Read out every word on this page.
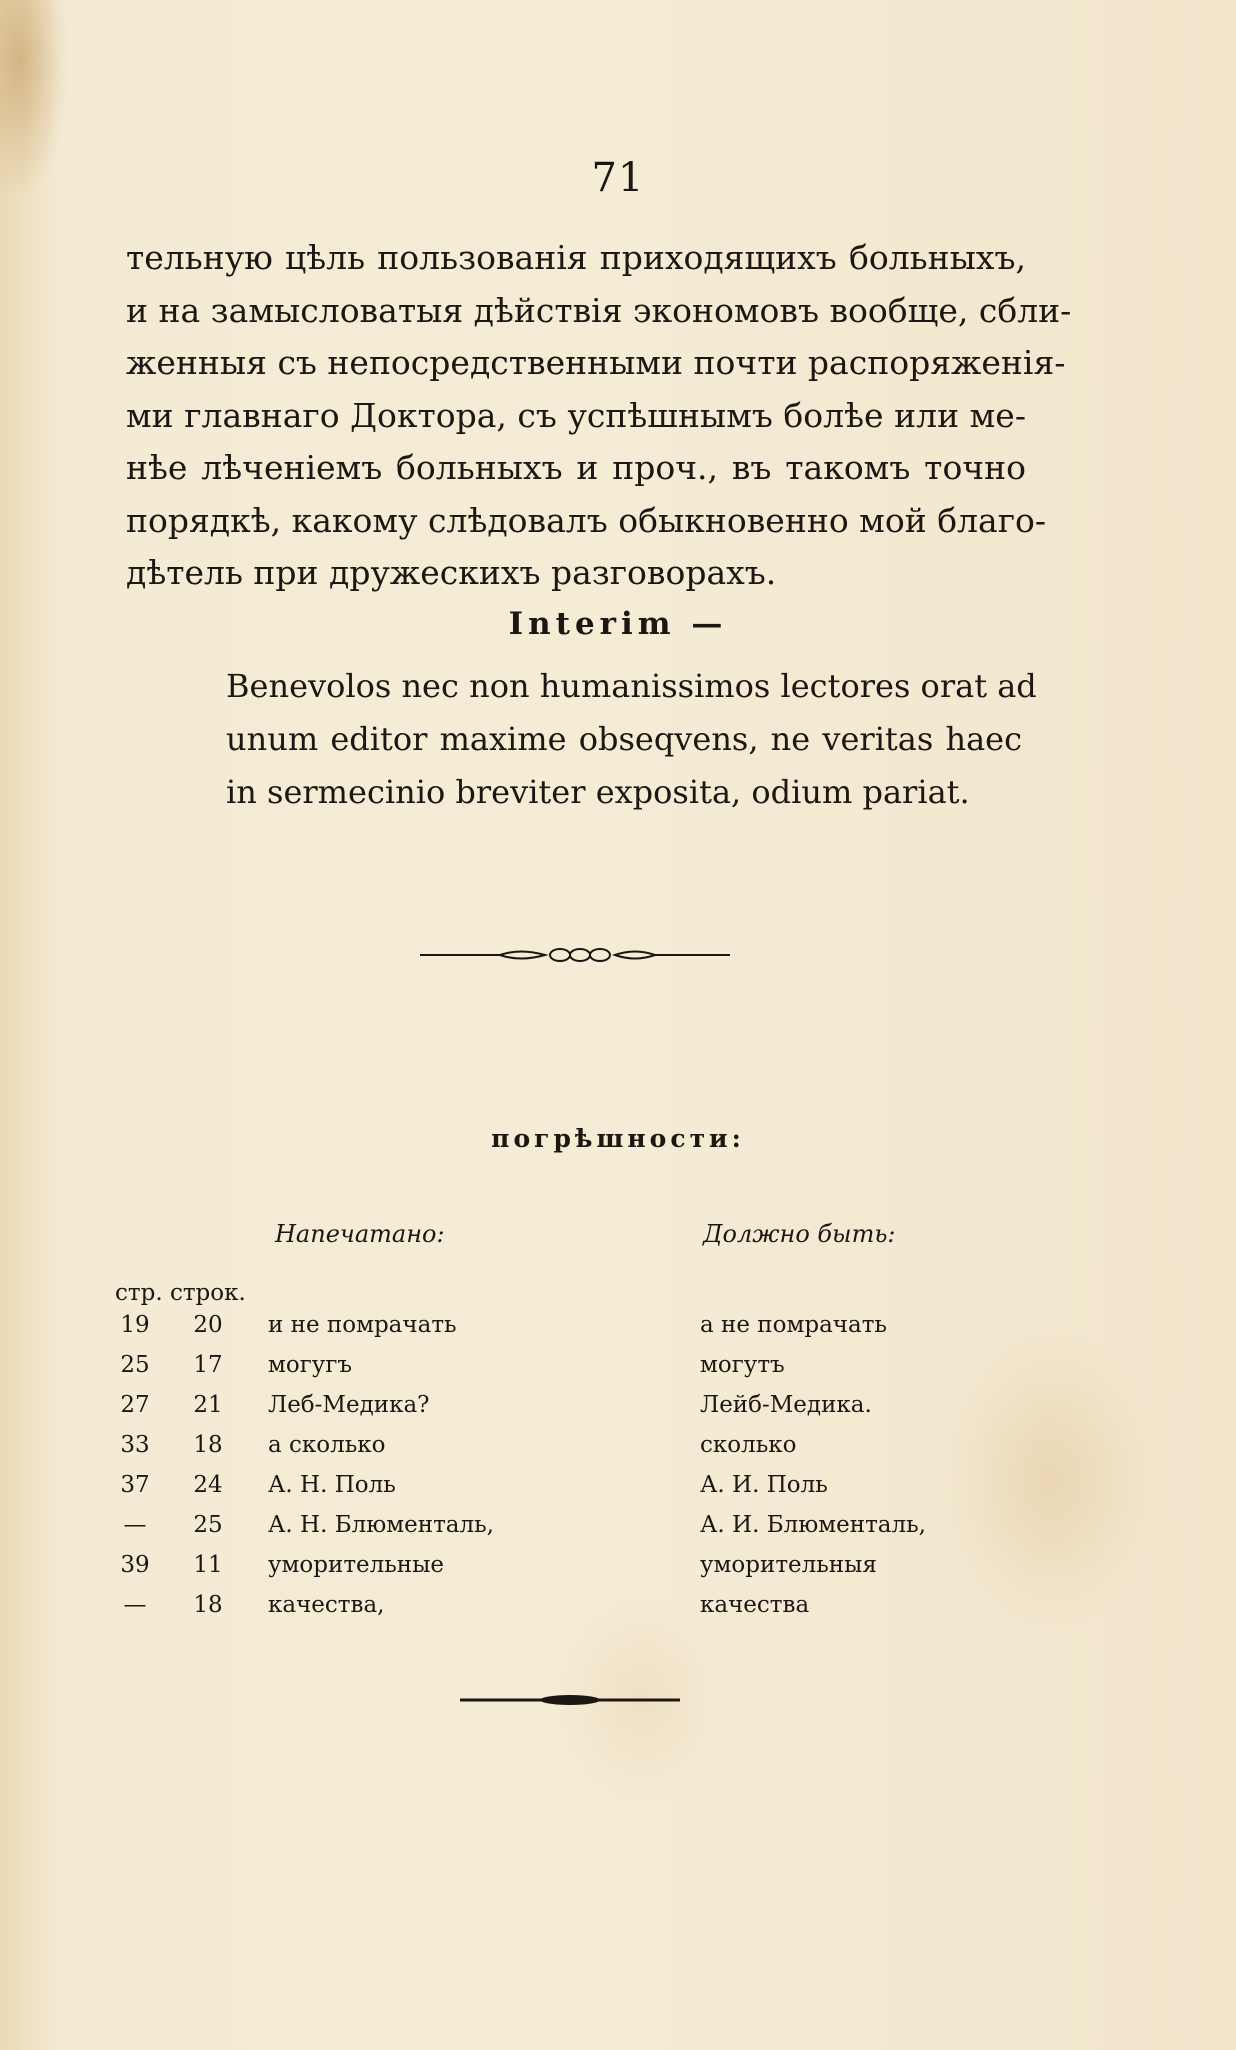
71
тельную цѣль пользованія приходящихъ больныхъ,
и на замысловатыя дѣйствія экономовъ вообще, сбли-
женныя съ непосредственными почти распоряженія-
ми главнаго Доктора, съ успѣшнымъ болѣе или ме-
нѣе лѣченіемъ больныхъ и проч., въ такомъ точно
порядкѣ, какому слѣдовалъ обыкновенно мой благо-
дѣтель при дружескихъ разговорахъ.
Interim —
Benevolos nec non humanissimos lectores orat ad
unum editor maxime obseqvens, ne veritas haec
in sermecinio breviter exposita, odium pariat.
погрѣшности:
Напечатано:	Должно быть:
стр. строк.
19 20 и не помрачать	а не помрачать
25 17 могугъ	могутъ
27 21 Леб-Медика?	Лейб-Медика.
33 18 а сколько	сколько
37 24 А. Н. Поль	А. И. Поль
— 25 А. Н. Блюменталь,	А. И. Блюменталь,
39 11 уморительные	уморительныя
— 18 качества,	качества
